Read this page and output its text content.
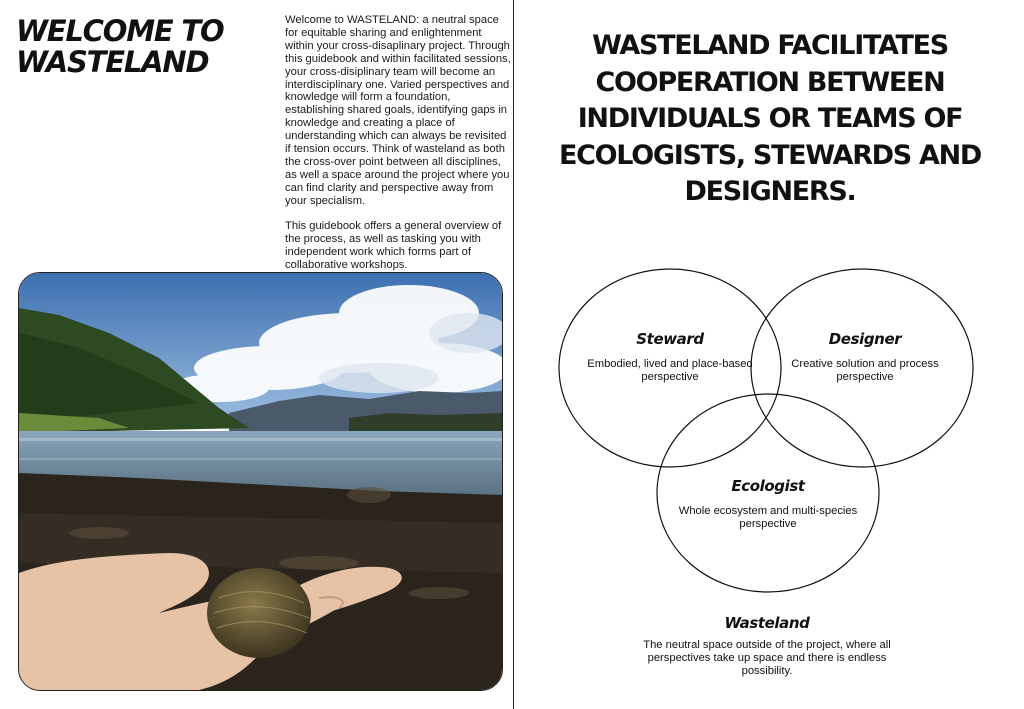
WELCOME TO
WASTELAND

Welcome to WASTELAND: a neutral space for equitable sharing and enlightenment within your cross-disaplinary project. Through this guidebook and within facilitated sessions, your cross-disiplinary team will become an interdisciplinary one. Varied perspectives and knowledge will form a foundation, establishing shared goals, identifying gaps in knowledge and creating a place of understanding which can always be revisited if tension occurs. Think of wasteland as both the cross-over point between all disciplines, as well a space around the project where you can find clarity and perspective away from your specialism.

This guidebook offers a general overview of the process, as well as tasking you with independent work which forms part of collaborative workshops.

WASTELAND FACILITATES COOPERATION BETWEEN INDIVIDUALS OR TEAMS OF ECOLOGISTS, STEWARDS AND DESIGNERS.
Steward
Embodied, lived and place-based perspective
Designer
Creative solution and process perspective
Ecologist
Whole ecosystem and multi-species perspective
Wasteland
The neutral space outside of the project, where all perspectives take up space and there is endless possibility.
